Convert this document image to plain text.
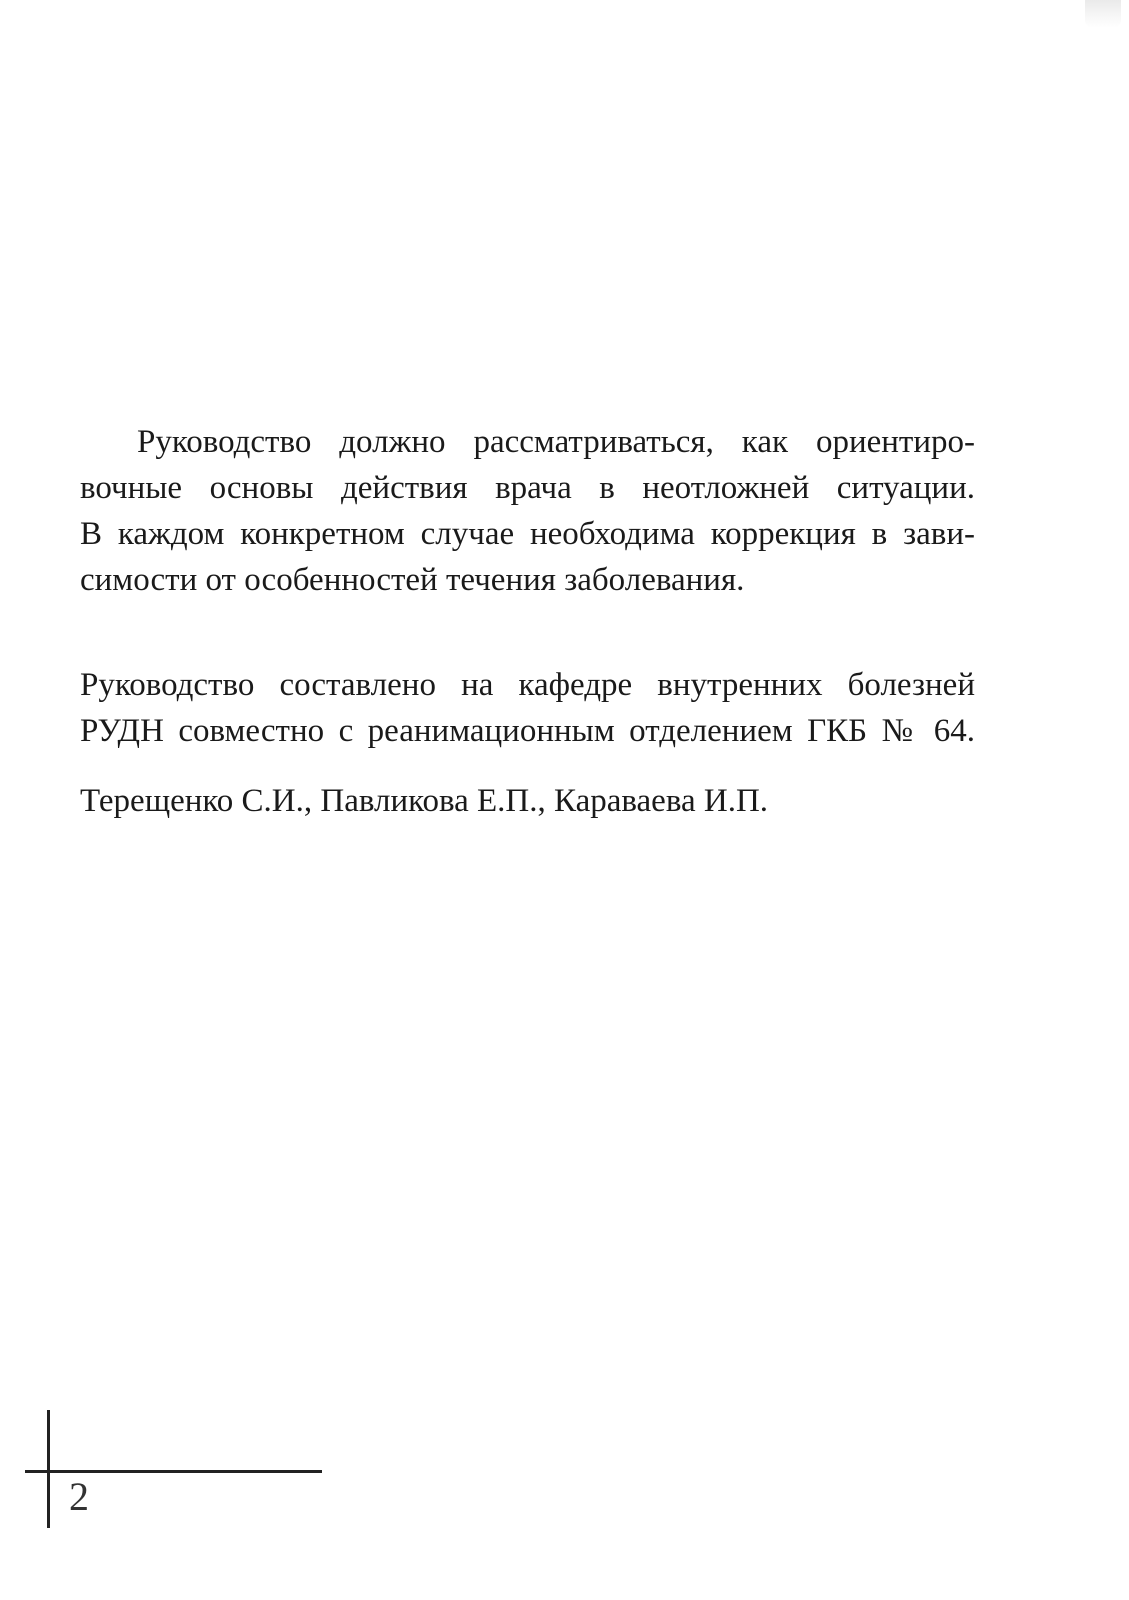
Руководство должно рассматриваться, как ориентиро-
вочные основы действия врача в неотложней ситуации.
В каждом конкретном случае необходима коррекция в зави-
симости от особенностей течения заболевания.
Руководство составлено на кафедре внутренних болезней
РУДН совместно с реанимационным отделением ГКБ № 64.
Терещенко С.И., Павликова Е.П., Караваева И.П.
2
